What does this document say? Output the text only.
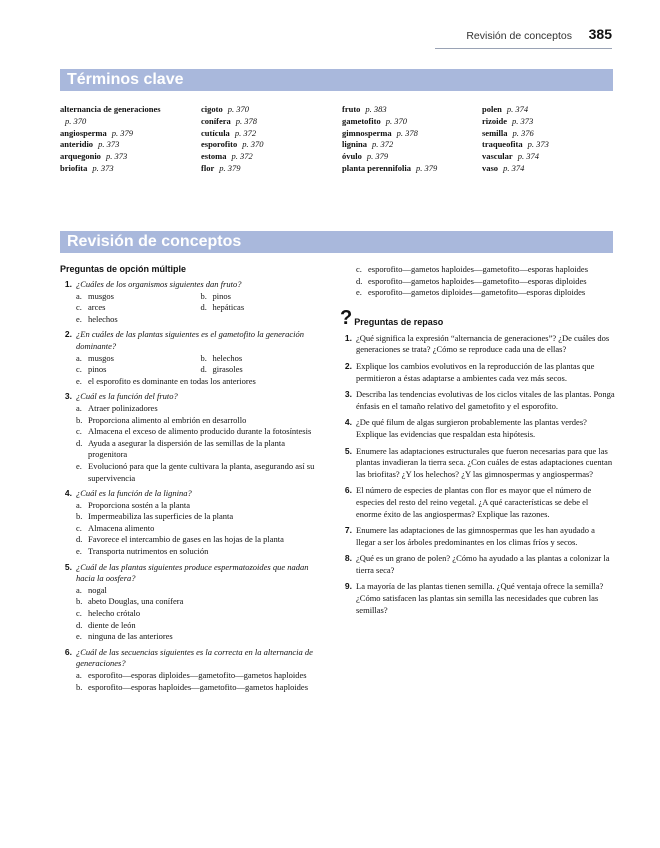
Revisión de conceptos 385
Términos clave
alternancia de generaciones
p. 370
angiosperma p. 379
anteridio p. 373
arquegonio p. 373
briofita p. 373
cigoto p. 370
conífera p. 378
cutícula p. 372
esporofito p. 370
estoma p. 372
flor p. 379
fruto p. 383
gametofito p. 370
gimnosperma p. 378
lignina p. 372
óvulo p. 379
planta perennifolia p. 379
polen p. 374
rizoide p. 373
semilla p. 376
traqueofita p. 373
vascular p. 374
vaso p. 374
Revisión de conceptos
Preguntas de opción múltiple
1. ¿Cuáles de los organismos siguientes dan fruto?
a. musgos	b. pinos
c. arces	d. hepáticas
e. helechos
2. ¿En cuáles de las plantas siguientes es el gametofito la generación dominante?
a. musgos	b. helechos
c. pinos	d. girasoles
e. el esporofito es dominante en todas los anteriores
3. ¿Cuál es la función del fruto?
a. Atraer polinizadores
b. Proporciona alimento al embrión en desarrollo
c. Almacena el exceso de alimento producido durante la fotosíntesis
d. Ayuda a asegurar la dispersión de las semillas de la planta progenitora
e. Evolucionó para que la gente cultivara la planta, asegurando así su supervivencia
4. ¿Cuál es la función de la lignina?
a. Proporciona sostén a la planta
b. Impermeabiliza las superficies de la planta
c. Almacena alimento
d. Favorece el intercambio de gases en las hojas de la planta
e. Transporta nutrimentos en solución
5. ¿Cuál de las plantas siguientes produce espermatozoides que nadan hacia la oosfera?
a. nogal
b. abeto Douglas, una conífera
c. helecho crótalo
d. diente de león
e. ninguna de las anteriores
6. ¿Cuál de las secuencias siguientes es la correcta en la alternancia de generaciones?
a. esporofito—esporas diploides—gametofito—gametos haploides
b. esporofito—esporas haploides—gametofito—gametos haploides
c. esporofito—gametos haploides—gametofito—esporas haploides
d. esporofito—gametos haploides—gametofito—esporas diploides
e. esporofito—gametos diploides—gametofito—esporas diploides
? Preguntas de repaso
1. ¿Qué significa la expresión “alternancia de generaciones”? ¿De cuáles dos generaciones se trata? ¿Cómo se reproduce cada una de ellas?
2. Explique los cambios evolutivos en la reproducción de las plantas que permitieron a éstas adaptarse a ambientes cada vez más secos.
3. Describa las tendencias evolutivas de los ciclos vitales de las plantas. Ponga énfasis en el tamaño relativo del gametofito y el esporofito.
4. ¿De qué filum de algas surgieron probablemente las plantas verdes? Explique las evidencias que respaldan esta hipótesis.
5. Enumere las adaptaciones estructurales que fueron necesarias para que las plantas invadieran la tierra seca. ¿Con cuáles de estas adaptaciones cuentan las briofitas? ¿Y los helechos? ¿Y las gimnospermas y angiospermas?
6. El número de especies de plantas con flor es mayor que el número de especies del resto del reino vegetal. ¿A qué características se debe el enorme éxito de las angiospermas? Explique las razones.
7. Enumere las adaptaciones de las gimnospermas que les han ayudado a llegar a ser los árboles predominantes en los climas fríos y secos.
8. ¿Qué es un grano de polen? ¿Cómo ha ayudado a las plantas a colonizar la tierra seca?
9. La mayoría de las plantas tienen semilla. ¿Qué ventaja ofrece la semilla? ¿Cómo satisfacen las plantas sin semilla las necesidades que cubren las semillas?
